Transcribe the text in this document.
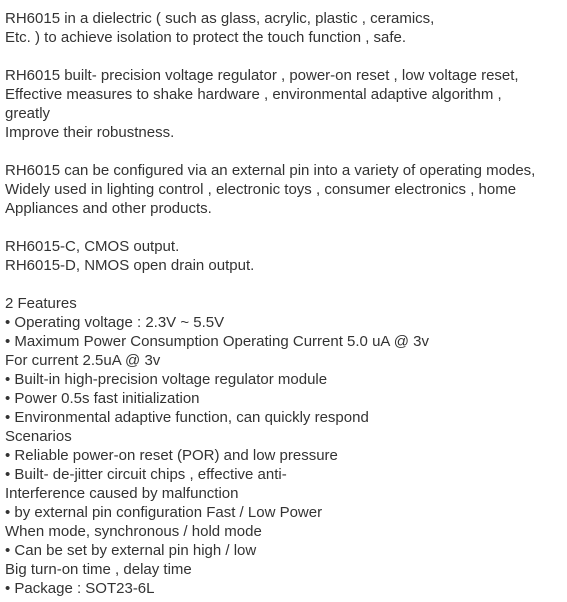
RH6015 in a dielectric ( such as glass, acrylic, plastic , ceramics,
Etc. ) to achieve isolation to protect the touch function , safe.
RH6015 built- precision voltage regulator , power-on reset , low voltage reset,
Effective measures to shake hardware , environmental adaptive algorithm ,
greatly
Improve their robustness.
RH6015 can be configured via an external pin into a variety of operating modes,
Widely used in lighting control , electronic toys , consumer electronics , home
Appliances and other products.
RH6015-C, CMOS output.
RH6015-D, NMOS open drain output.
2 Features
• Operating voltage : 2.3V ~ 5.5V
• Maximum Power Consumption Operating Current 5.0 uA @ 3v
For current 2.5uA @ 3v
• Built-in high-precision voltage regulator module
• Power 0.5s fast initialization
• Environmental adaptive function, can quickly respond
Scenarios
• Reliable power-on reset (POR) and low pressure
• Built- de-jitter circuit chips , effective anti-
Interference caused by malfunction
• by external pin configuration Fast / Low Power
When mode, synchronous / hold mode
• Can be set by external pin high / low
Big turn-on time , delay time
• Package : SOT23-6L
